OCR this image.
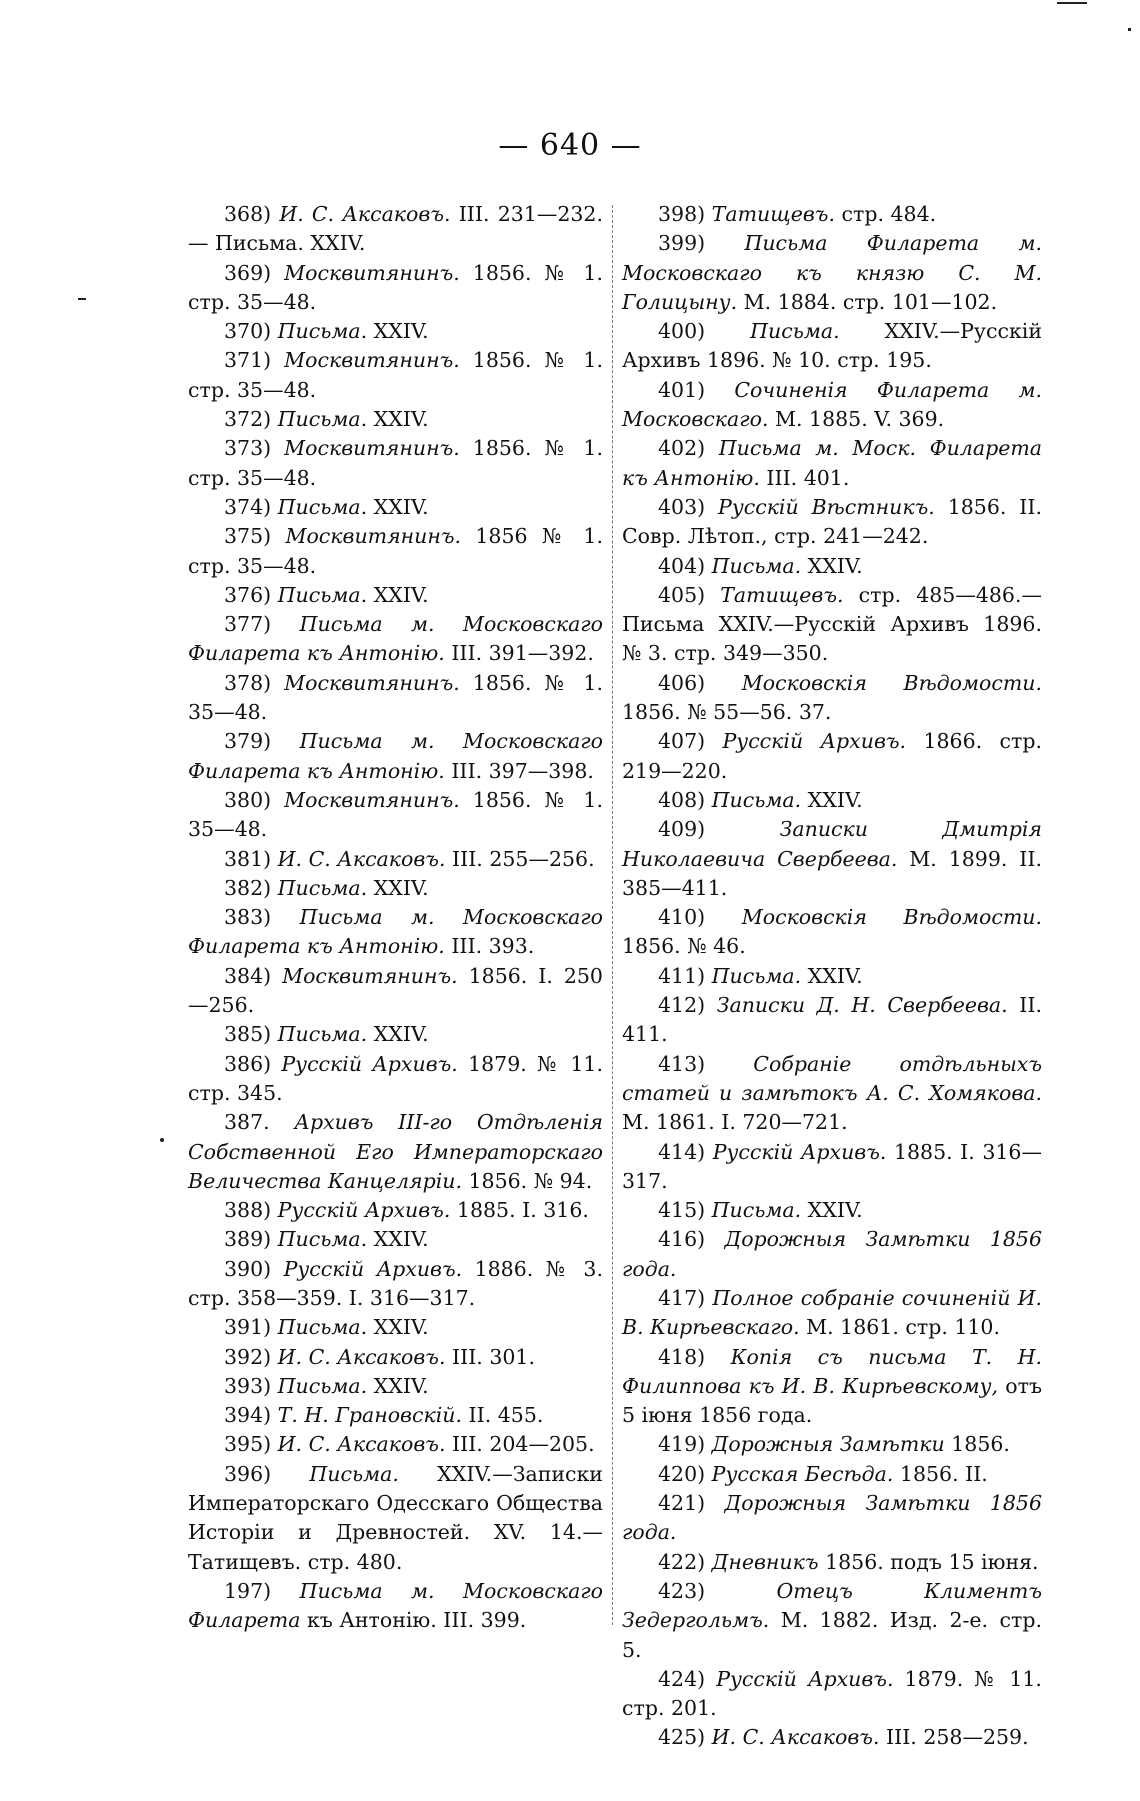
— 640 —
368) И. С. Аксаковъ. III. 231—232.— Письма. XXIV.
369) Москвитянинъ. 1856. № 1. стр. 35—48.
370) Письма. XXIV.
371) Москвитянинъ. 1856. № 1. стр. 35—48.
372) Письма. XXIV.
373) Москвитянинъ. 1856. № 1. стр. 35—48.
374) Письма. XXIV.
375) Москвитянинъ. 1856 № 1. стр. 35—48.
376) Письма. XXIV.
377) Письма м. Московскаго Филарета къ Антонію. III. 391—392.
378) Москвитянинъ. 1856. № 1. 35—48.
379) Письма м. Московскаго Филарета къ Антонію. III. 397—398.
380) Москвитянинъ. 1856. № 1. 35—48.
381) И. С. Аксаковъ. III. 255—256.
382) Письма. XXIV.
383) Письма м. Московскаго Филарета къ Антонію. III. 393.
384) Москвитянинъ. 1856. I. 250—256.
385) Письма. XXIV.
386) Русскій Архивъ. 1879. № 11. стр. 345.
387. Архивъ III-го Отдѣленія Собственной Его Императорскаго Величества Канцеляріи. 1856. № 94.
388) Русскій Архивъ. 1885. I. 316.
389) Письма. XXIV.
390) Русскій Архивъ. 1886. № 3. стр. 358—359. I. 316—317.
391) Письма. XXIV.
392) И. С. Аксаковъ. III. 301.
393) Письма. XXIV.
394) Т. Н. Грановскій. II. 455.
395) И. С. Аксаковъ. III. 204—205.
396) Письма. XXIV.—Записки Императорскаго Одесскаго Общества Исторіи и Древностей. XV. 14.—Татищевъ. стр. 480.
197) Письма м. Московскаго Филарета къ Антонію. III. 399.
398) Татищевъ. стр. 484.
399) Письма Филарета м. Московскаго къ князю С. М. Голицыну. М. 1884. стр. 101—102.
400) Письма. XXIV.—Русскій Архивъ 1896. № 10. стр. 195.
401) Сочиненія Филарета м. Московскаго. М. 1885. V. 369.
402) Письма м. Моск. Филарета къ Антонію. III. 401.
403) Русскій Вѣстникъ. 1856. II. Совр. Лѣтоп., стр. 241—242.
404) Письма. XXIV.
405) Татищевъ. стр. 485—486.— Письма XXIV.—Русскій Архивъ 1896. № 3. стр. 349—350.
406) Московскія Вѣдомости. 1856. № 55—56. 37.
407) Русскій Архивъ. 1866. стр. 219—220.
408) Письма. XXIV.
409)	Записки Дмитрія Николаевича Свербеева. М. 1899. II. 385—411.
410) Московскія Вѣдомости. 1856. № 46.
411) Письма. XXIV.
412) Записки Д. Н. Свербеева. II. 411.
413) Собраніе отдѣльныхъ статей и замѣтокъ А. С. Хомякова. М. 1861. I. 720—721.
414) Русскій Архивъ. 1885. I. 316—317.
415) Письма. XXIV.
416) Дорожныя Замѣтки 1856 года.
417) Полное собраніе сочиненій И. В. Кирѣевскаго. М. 1861. стр. 110.
418) Копія съ письма Т. Н. Филиппова къ И. В. Кирѣевскому, отъ 5 іюня 1856 года.
419) Дорожныя Замѣтки 1856.
420) Русская Бесѣда. 1856. II.
421) Дорожныя Замѣтки 1856 года.
422) Дневникъ 1856. подъ 15 іюня.
423)	Отецъ Климентъ Зедергольмъ. М. 1882. Изд. 2-е. стр. 5.
424) Русскій Архивъ. 1879. № 11. стр. 201.
425) И. С. Аксаковъ. III. 258—259.
